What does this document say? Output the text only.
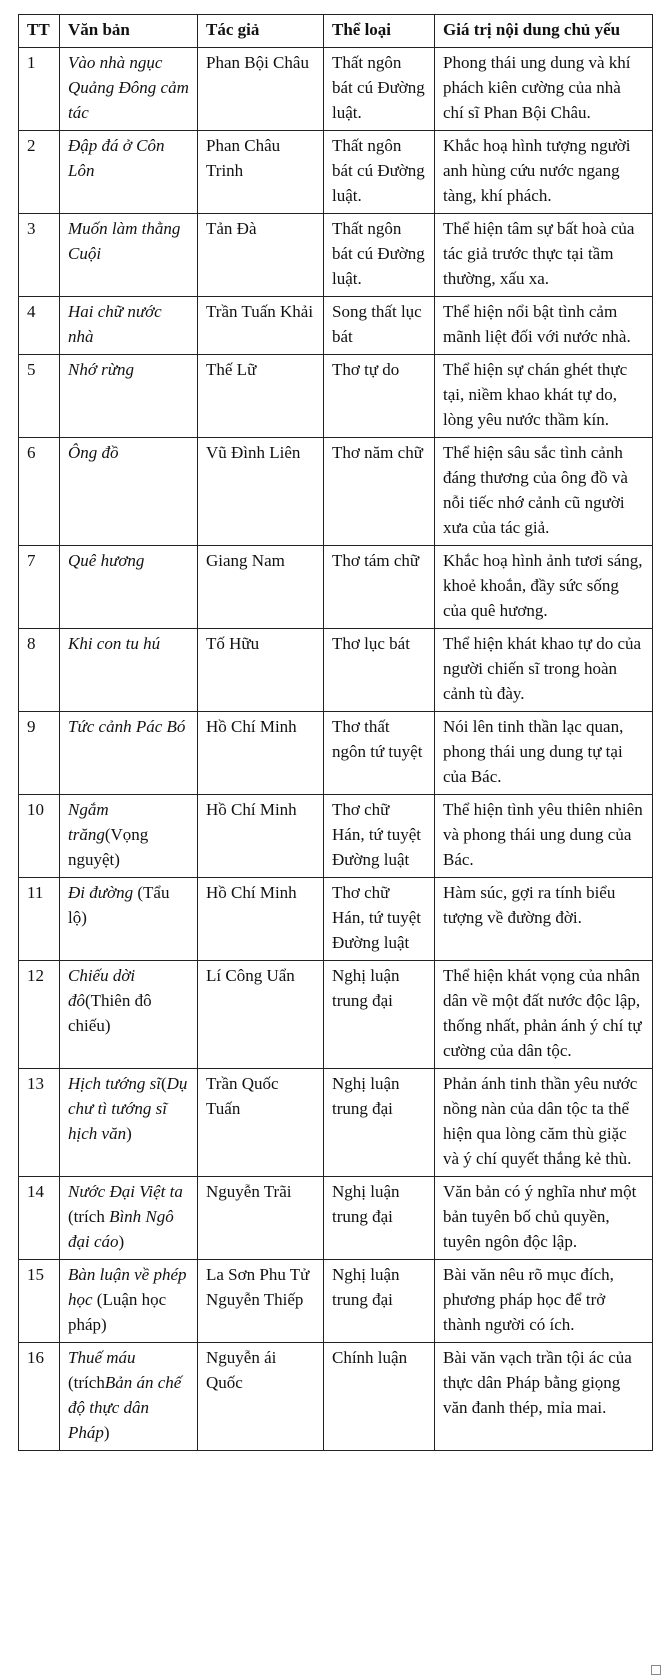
TT	Văn bản	Tác giả	Thể loại	Giá trị nội dung chủ yếu
1	Vào nhà ngục Quảng Đông cảm tác	Phan Bội Châu	Thất ngôn bát cú Đường luật.	Phong thái ung dung và khí phách kiên cường của nhà chí sĩ Phan Bội Châu.
2	Đập đá ở Côn Lôn	Phan Châu Trinh	Thất ngôn bát cú Đường luật.	Khắc hoạ hình tượng người anh hùng cứu nước ngang tàng, khí phách.
3	Muốn làm thằng Cuội	Tản Đà	Thất ngôn bát cú Đường luật.	Thể hiện tâm sự bất hoà của tác giả trước thực tại tầm thường, xấu xa.
4	Hai chữ nước nhà	Trần Tuấn Khải	Song thất lục bát	Thể hiện nổi bật tình cảm mãnh liệt đối với nước nhà.
5	Nhớ rừng	Thế Lữ	Thơ tự do	Thể hiện sự chán ghét thực tại, niềm khao khát tự do, lòng yêu nước thầm kín.
6	Ông đồ	Vũ Đình Liên	Thơ năm chữ	Thể hiện sâu sắc tình cảnh đáng thương của ông đồ và nỗi tiếc nhớ cảnh cũ người xưa của tác giả.
7	Quê hương	Giang Nam	Thơ tám chữ	Khắc hoạ hình ảnh tươi sáng, khoẻ khoắn, đầy sức sống của quê hương.
8	Khi con tu hú	Tố Hữu	Thơ lục bát	Thể hiện khát khao tự do của người chiến sĩ trong hoàn cảnh tù đày.
9	Tức cảnh Pác Bó	Hồ Chí Minh	Thơ thất ngôn tứ tuyệt	Nói lên tinh thần lạc quan, phong thái ung dung tự tại của Bác.
10	Ngắm trăng(Vọng nguyệt)	Hồ Chí Minh	Thơ chữ Hán, tứ tuyệt Đường luật	Thể hiện tình yêu thiên nhiên và phong thái ung dung của Bác.
11	Đi đường (Tẩu lộ)	Hồ Chí Minh	Thơ chữ Hán, tứ tuyệt Đường luật	Hàm súc, gợi ra tính biểu tượng về đường đời.
12	Chiếu dời đô(Thiên đô chiếu)	Lí Công Uẩn	Nghị luận trung đại	Thể hiện khát vọng của nhân dân về một đất nước độc lập, thống nhất, phản ánh ý chí tự cường của dân tộc.
13	Hịch tướng sĩ(Dụ chư tì tướng sĩ hịch văn)	Trần Quốc Tuấn	Nghị luận trung đại	Phản ánh tinh thần yêu nước nồng nàn của dân tộc ta thể hiện qua lòng căm thù giặc và ý chí quyết thắng kẻ thù.
14	Nước Đại Việt ta (trích Bình Ngô đại cáo)	Nguyễn Trãi	Nghị luận trung đại	Văn bản có ý nghĩa như một bản tuyên bố chủ quyền, tuyên ngôn độc lập.
15	Bàn luận về phép học (Luận học pháp)	La Sơn Phu Tử Nguyễn Thiếp	Nghị luận trung đại	Bài văn nêu rõ mục đích, phương pháp học để trở thành người có ích.
16	Thuế máu (tríchBản án chế độ thực dân Pháp)	Nguyễn ái Quốc	Chính luận	Bài văn vạch trần tội ác của thực dân Pháp bằng giọng văn đanh thép, mỉa mai.
